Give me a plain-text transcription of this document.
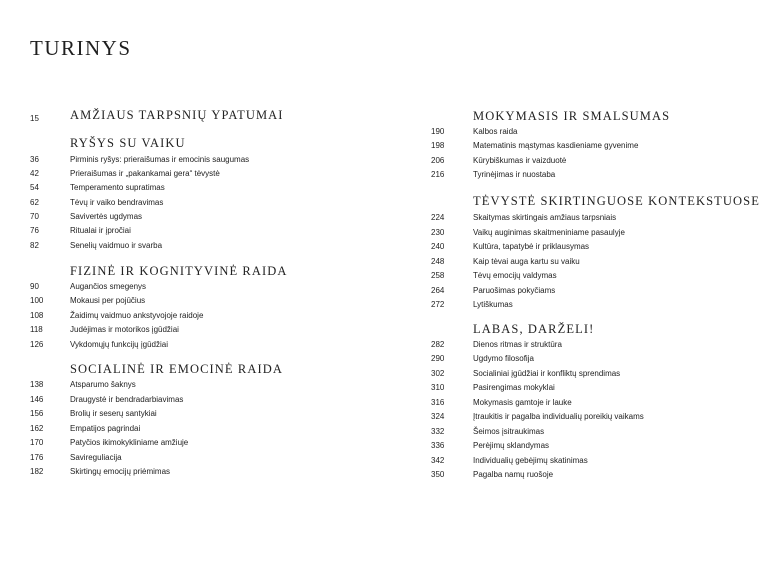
TURINYS
15 AMŽIAUS TARPSNIŲ YPATUMAI
RYŠYS SU VAIKU
36	Pirminis ryšys: prieraišumas ir emocinis saugumas
42	Prieraišumas ir „pakankamai gera“ tėvystė
54	Temperamento supratimas
62	Tėvų ir vaiko bendravimas
70	Savivertės ugdymas
76	Ritualai ir įpročiai
82	Senelių vaidmuo ir svarba
FIZINĖ IR KOGNITYVINĖ RAIDA
90	Augančios smegenys
100	Mokausi per pojūčius
108	Žaidimų vaidmuo ankstyvojoje raidoje
118	Judėjimas ir motorikos įgūdžiai
126	Vykdomųjų funkcijų įgūdžiai
SOCIALINĖ IR EMOCINĖ RAIDA
138	Atsparumo šaknys
146	Draugystė ir bendradarbiavimas
156	Brolių ir seserų santykiai
162	Empatijos pagrindai
170	Patyčios ikimokykliniame amžiuje
176	Savireguliacija
182	Skirtingų emocijų priėmimas
MOKYMASIS IR SMALSUMAS
190	Kalbos raida
198	Matematinis mąstymas kasdieniame gyvenime
206	Kūrybiškumas ir vaizduotė
216	Tyrinėjimas ir nuostaba
TĖVYSTĖ SKIRTINGUOSE KONTEKSTUOSE
224	Skaitymas skirtingais amžiaus tarpsniais
230	Vaikų auginimas skaitmeniniame pasaulyje
240	Kultūra, tapatybė ir priklausymas
248	Kaip tėvai auga kartu su vaiku
258	Tėvų emocijų valdymas
264	Paruošimas pokyčiams
272	Lytiškumas
LABAS, DARŽELI!
282	Dienos ritmas ir struktūra
290	Ugdymo filosofija
302	Socialiniai įgūdžiai ir konfliktų sprendimas
310	Pasirengimas mokyklai
316	Mokymasis gamtoje ir lauke
324	Įtraukitis ir pagalba individualių poreikių vaikams
332	Šeimos įsitraukimas
336	Perėjimų sklandymas
342	Individualių gebėjimų skatinimas
350	Pagalba namų ruošoje
